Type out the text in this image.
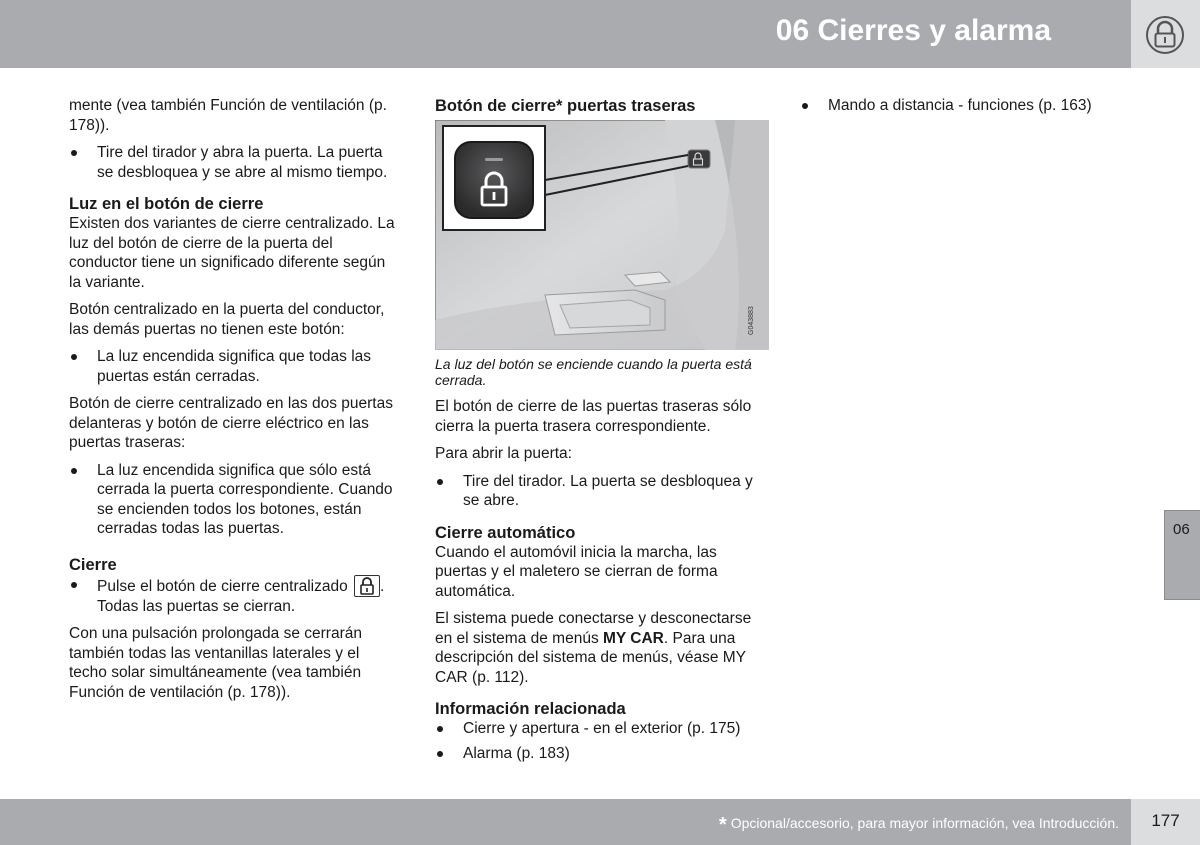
06 Cierres y alarma
06

mente (vea también Función de ventilación (p. 178)).

Tire del tirador y abra la puerta. La puerta se desbloquea y se abre al mismo tiempo.
Luz en el botón de cierre

Existen dos variantes de cierre centralizado. La luz del botón de cierre de la puerta del conductor tiene un significado diferente según la variante.

Botón centralizado en la puerta del conductor, las demás puertas no tienen este botón:

La luz encendida significa que todas las puertas están cerradas.

Botón de cierre centralizado en las dos puertas delanteras y botón de cierre eléctrico en las puertas traseras:

La luz encendida significa que sólo está cerrada la puerta correspondiente. Cuando se encienden todos los botones, están cerradas todas las puertas.
Cierre
Pulse el botón de cierre centralizado . Todas las puertas se cierran.

Con una pulsación prolongada se cerrarán también todas las ventanillas laterales y el techo solar simultáneamente (vea también Función de ventilación (p. 178)).

Botón de cierre* puertas traseras
G043883

La luz del botón se enciende cuando la puerta está cerrada.

El botón de cierre de las puertas traseras sólo cierra la puerta trasera correspondiente.

Para abrir la puerta:

Tire del tirador. La puerta se desbloquea y se abre.
Cierre automático

Cuando el automóvil inicia la marcha, las puertas y el maletero se cierran de forma automática.

El sistema puede conectarse y desconectarse en el sistema de menús MY CAR. Para una descripción del sistema de menús, véase MY CAR (p. 112).

Información relacionada
Cierre y apertura - en el exterior (p. 175)
Alarma (p. 183)
Mando a distancia - funciones (p. 163)
* Opcional/accesorio, para mayor información, vea Introducción.	177
